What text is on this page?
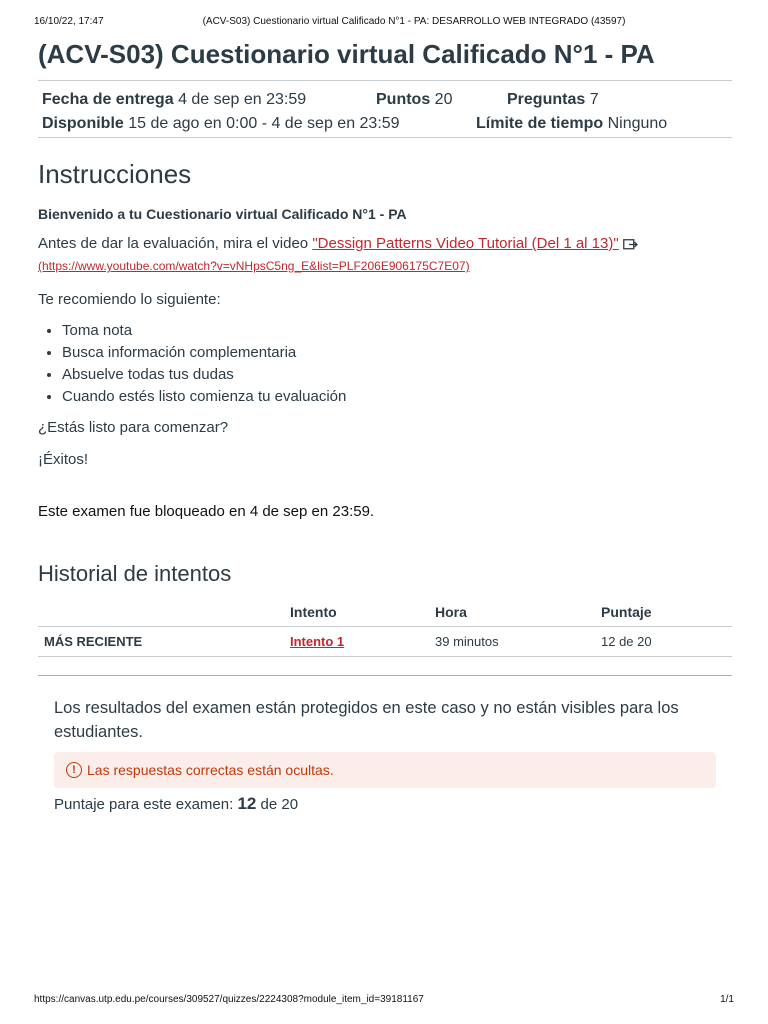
16/10/22, 17:47	(ACV-S03) Cuestionario virtual Calificado N°1 - PA: DESARROLLO WEB INTEGRADO (43597)
(ACV-S03) Cuestionario virtual Calificado N°1 - PA
Fecha de entrega 4 de sep en 23:59	Puntos 20	Preguntas 7
Disponible 15 de ago en 0:00 - 4 de sep en 23:59	Límite de tiempo Ninguno
Instrucciones
Bienvenido a tu Cuestionario virtual Calificado N°1 - PA
Antes de dar la evaluación, mira el video "Dessign Patterns Video Tutorial (Del 1 al 13)"
(https://www.youtube.com/watch?v=vNHpsC5ng_E&list=PLF206E906175C7E07)
Te recomiendo lo siguiente:
• Toma nota
• Busca información complementaria
• Absuelve todas tus dudas
• Cuando estés listo comienza tu evaluación
¿Estás listo para comenzar?
¡Éxitos!
Este examen fue bloqueado en 4 de sep en 23:59.
Historial de intentos
	Intento	Hora	Puntaje
MÁS RECIENTE	Intento 1	39 minutos	12 de 20
Los resultados del examen están protegidos en este caso y no están visibles para los estudiantes.
! Las respuestas correctas están ocultas.
Puntaje para este examen: 12 de 20
https://canvas.utp.edu.pe/courses/309527/quizzes/2224308?module_item_id=39181167	1/1
